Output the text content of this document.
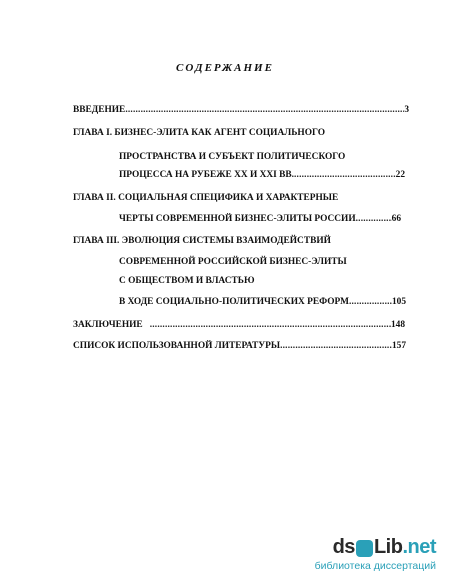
СОДЕРЖАНИЕ
ВВЕДЕНИЕ .....	3
ГЛАВА I. БИЗНЕС-ЭЛИТА КАК АГЕНТ СОЦИАЛЬНОГО
ПРОСТРАНСТВА И СУБЪЕКТ ПОЛИТИЧЕСКОГО
ПРОЦЕССА НА РУБЕЖЕ XX И XXI ВВ. .....	22
ГЛАВА II. СОЦИАЛЬНАЯ СПЕЦИФИКА И ХАРАКТЕРНЫЕ
ЧЕРТЫ СОВРЕМЕННОЙ БИЗНЕС-ЭЛИТЫ РОССИИ .....	66
ГЛАВА III. ЭВОЛЮЦИЯ СИСТЕМЫ ВЗАИМОДЕЙСТВИЙ
СОВРЕМЕННОЙ РОССИЙСКОЙ БИЗНЕС-ЭЛИТЫ
С ОБЩЕСТВОМ И ВЛАСТЬЮ
В ХОДЕ СОЦИАЛЬНО-ПОЛИТИЧЕСКИХ РЕФОРМ .....	105
ЗАКЛЮЧЕНИЕ .....	148
СПИСОК ИСПОЛЬЗОВАННОЙ ЛИТЕРАТУРЫ .....	157
ds Lib .net
библиотека диссертаций
